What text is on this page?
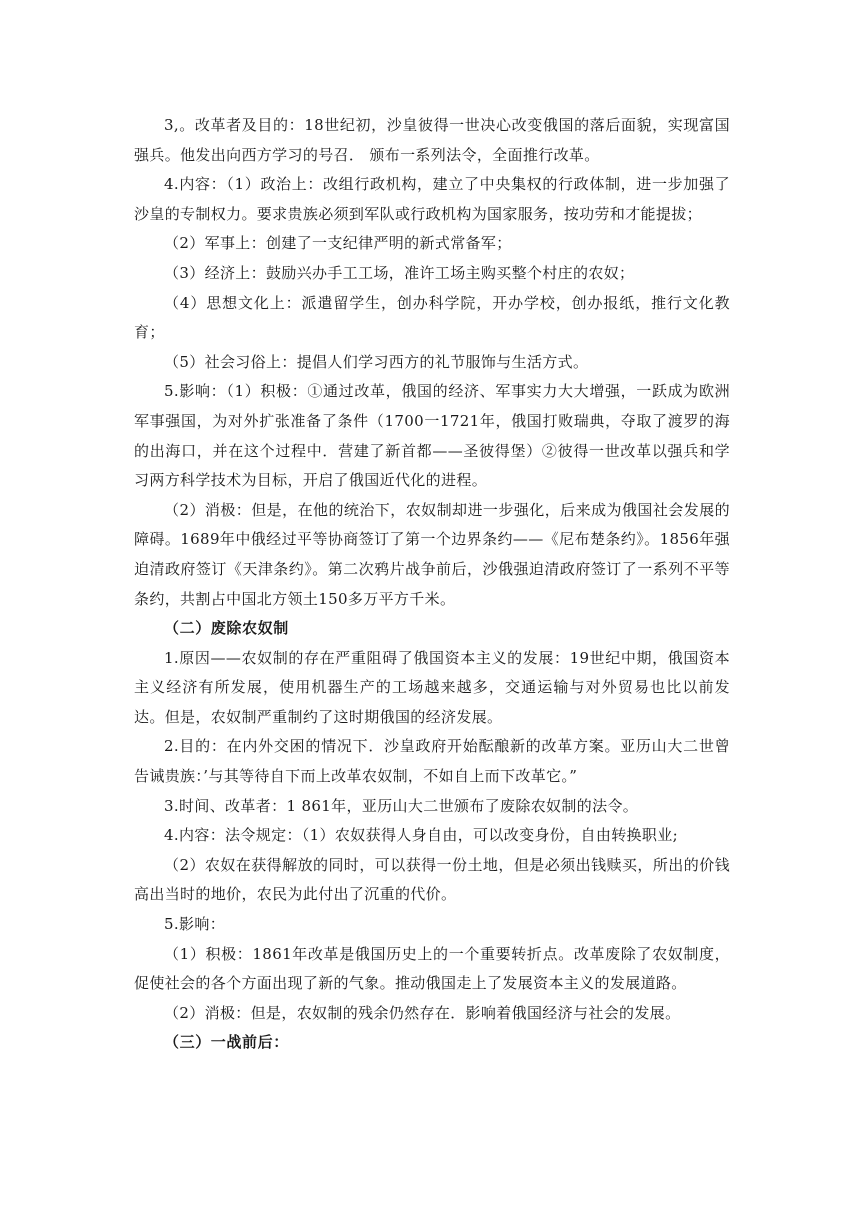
3,。改革者及目的：18世纪初，沙皇彼得一世决心改变俄国的落后面貌，实现富国强兵。他发出向西方学习的号召． 颁布一系列法令，全面推行改革。

4.内容：（1）政治上：改组行政机构，建立了中央集权的行政体制，进一步加强了沙皇的专制权力。要求贵族必须到军队或行政机构为国家服务，按功劳和才能提拔；

（2）军事上：创建了一支纪律严明的新式常备军；

（3）经济上：鼓励兴办手工工场，准许工场主购买整个村庄的农奴；

（4）思想文化上：派遣留学生，创办科学院，开办学校，创办报纸，推行文化教育；

（5）社会习俗上：提倡人们学习西方的礼节服饰与生活方式。

5.影响：（1）积极：①通过改革，俄国的经济、军事实力大大增强，一跃成为欧洲军事强国，为对外扩张准备了条件（1700一1721年，俄国打败瑞典，夺取了渡罗的海的出海口，并在这个过程中．营建了新首都——圣彼得堡）②彼得一世改革以强兵和学习两方科学技术为目标，开启了俄国近代化的进程。

（2）消极：但是，在他的统治下，农奴制却进一步强化，后来成为俄国社会发展的障碍。1689年中俄经过平等协商签订了第一个边界条约——《尼布楚条约》。1856年强迫清政府签订《天津条约》。第二次鸦片战争前后，沙俄强迫清政府签订了一系列不平等条约，共割占中国北方领土150多万平方千米。

（二）废除农奴制

1.原因——农奴制的存在严重阻碍了俄国资本主义的发展：19世纪中期，俄国资本主义经济有所发展，使用机器生产的工场越来越多，交通运输与对外贸易也比以前发达。但是，农奴制严重制约了这时期俄国的经济发展。

2.目的：在内外交困的情况下．沙皇政府开始酝酿新的改革方案。亚历山大二世曾告诫贵族：’与其等待自下而上改革农奴制，不如自上而下改革它。”

3.时间、改革者：1 861年，亚历山大二世颁布了废除农奴制的法令。

4.内容：法令规定：（1）农奴获得人身自由，可以改变身份，自由转换职业;

（2）农奴在获得解放的同时，可以获得一份土地，但是必须出钱赎买，所出的价钱高出当时的地价，农民为此付出了沉重的代价。

5.影响：

（1）积极：1861年改革是俄国历史上的一个重要转折点。改革废除了农奴制度，促使社会的各个方面出现了新的气象。推动俄国走上了发展资本主义的发展道路。

（2）消极：但是，农奴制的残余仍然存在．影响着俄国经济与社会的发展。

（三）一战前后：
